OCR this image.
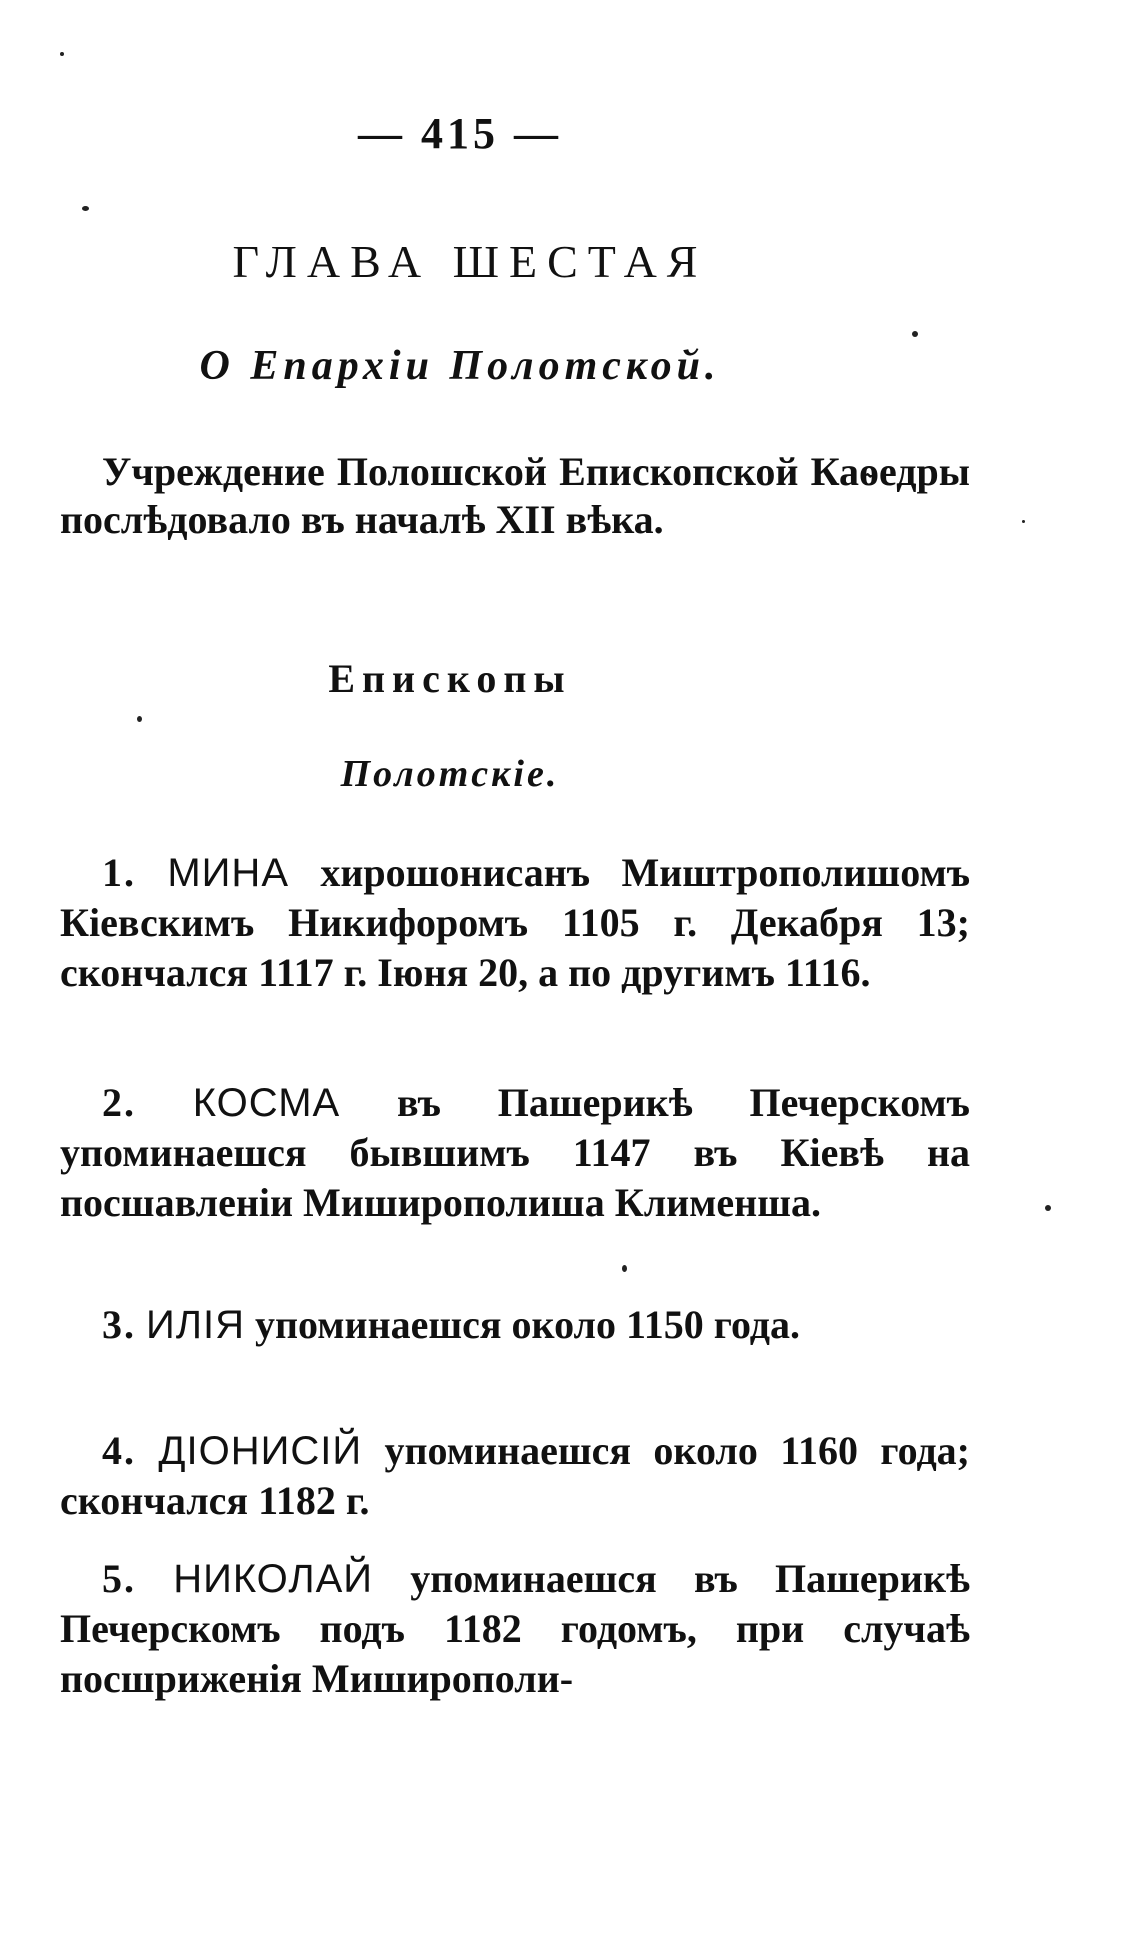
— 415 —
ГЛАВА ШЕСТАЯ
О Епархіи Полотской.
Учреждение Полошской Епископской Каѳедры послѣдовало въ началѣ XII вѣка.
Епископы
Полотскіе.
1. МИНА хирошонисанъ Миштрополишомъ Кіевскимъ Никифоромъ 1105 г. Декабря 13; скончался 1117 г. Іюня 20, а по другимъ 1116.
2. КОСМА въ Пашерикѣ Печерскомъ упоминаешся бывшимъ 1147 въ Кіевѣ на посшавленіи Миширополиша Клименша.
3. ИЛІЯ упоминаешся около 1150 года.
4. ДІОНИСІЙ упоминаешся около 1160 года; скончался 1182 г.
5. НИКОЛАЙ упоминаешся въ Пашерикѣ Печерскомъ подъ 1182 годомъ, при случаѣ посшриженія Миширополи-
